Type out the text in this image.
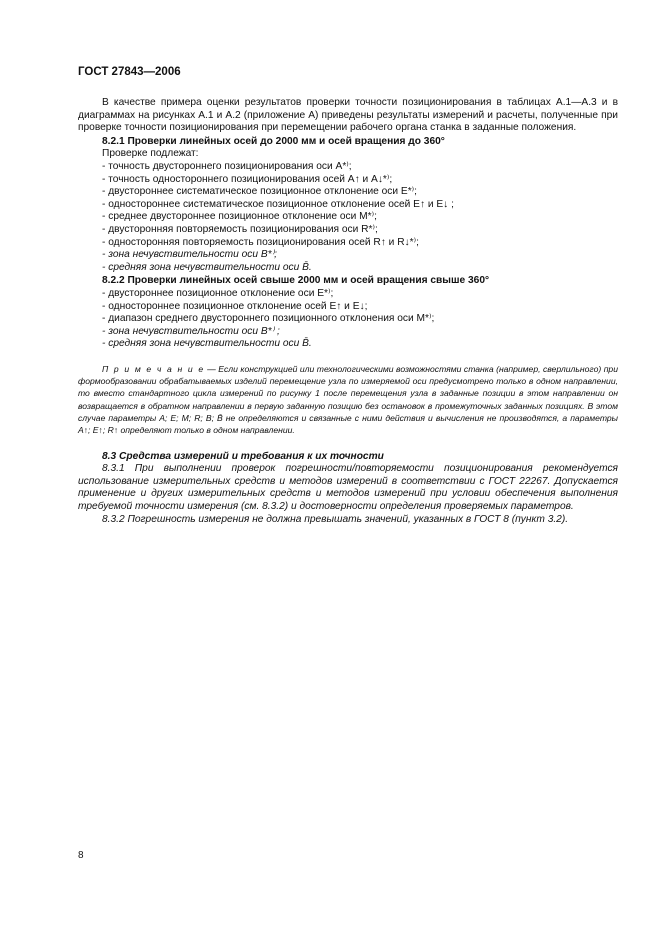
ГОСТ 27843—2006

В качестве примера оценки результатов проверки точности позиционирования в таблицах А.1—А.3 и в диаграммах на рисунках А.1 и А.2 (приложение А) приведены результаты измерений и расчеты, полученные при проверке точности позиционирования при перемещении рабочего органа станка в заданные положения.

8.2.1 Проверки линейных осей до 2000 мм и осей вращения до 360°
Проверке подлежат:
- точность двустороннего позиционирования оси A*⁾;
- точность одностороннего позиционирования осей A↑ и A↓*⁾;
- двустороннее систематическое позиционное отклонение оси E*⁾;
- одностороннее систематическое позиционное отклонение осей E↑ и E↓ ;
- среднее двустороннее позиционное отклонение оси M*⁾;
- двусторонняя повторяемость позиционирования оси R*⁾;
- односторонняя повторяемость позиционирования осей R↑ и R↓*⁾;
- зона нечувствительности оси B*⁾;
- средняя зона нечувствительности оси B̄.
8.2.2 Проверки линейных осей свыше 2000 мм и осей вращения свыше 360°
- двустороннее позиционное отклонение оси E*⁾;
- одностороннее позиционное отклонение осей E↑ и E↓;
- диапазон среднего двустороннего позиционного отклонения оси M*⁾;
- зона нечувствительности оси B*⁾ ;
- средняя зона нечувствительности оси B̄.
П р и м е ч а н и е — Если конструкцией или технологическими возможностями станка (например, сверлильного) при формообразовании обрабатываемых изделий перемещение узла по измеряемой оси предусмотрено только в одном направлении, то вместо стандартного цикла измерений по рисунку 1 после перемещения узла в заданные позиции в этом направлении он возвращается в обратном направлении в первую заданную позицию без остановок в промежуточных заданных позициях. В этом случае параметры A; E; M; R; B; B̄ не определяются и связанные с ними действия и вычисления не производятся, а параметры A↑; E↑; R↑ определяют только в одном направлении.
8.3 Средства измерений и требования к их точности

8.3.1 При выполнении проверок погрешности/повторяемости позиционирования рекомендуется использование измерительных средств и методов измерений в соответствии с ГОСТ 22267. Допускается применение и других измерительных средств и методов измерений при условии обеспечения выполнения требуемой точности измерения (см. 8.3.2) и достоверности определения проверяемых параметров.

8.3.2 Погрешность измерения не должна превышать значений, указанных в ГОСТ 8 (пункт 3.2).

8
